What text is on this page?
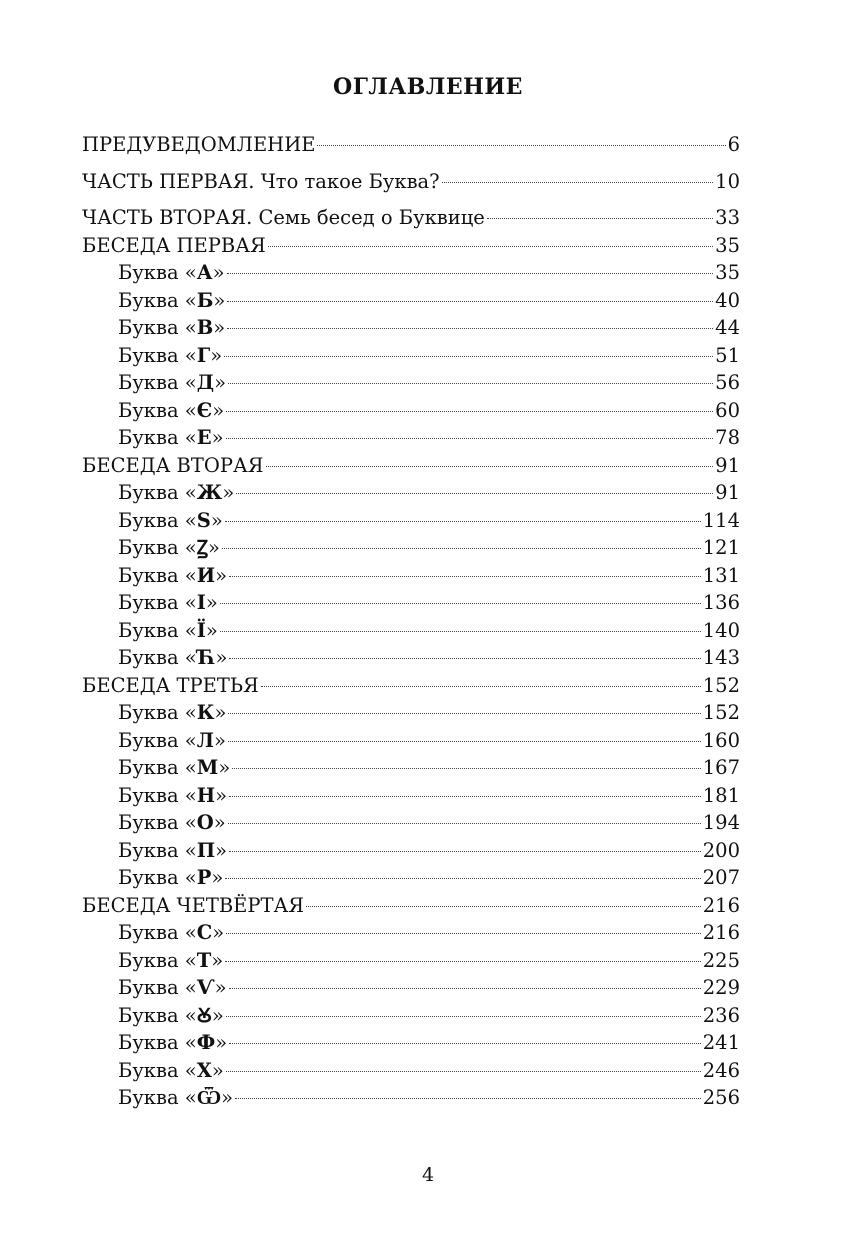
ОГЛАВЛЕНИЕ
ПРЕДУВЕДОМЛЕНИЕ	6
ЧАСТЬ ПЕРВАЯ. Что такое Буква?	10
ЧАСТЬ ВТОРАЯ. Семь бесед о Буквице	33
БЕСЕДА ПЕРВАЯ	35
Буква «А»	35
Буква «Б»	40
Буква «В»	44
Буква «Г»	51
Буква «Д»	56
Буква «Є»	60
Буква «Е»	78
БЕСЕДА ВТОРАЯ	91
Буква «Ж»	91
Буква «Ѕ»	114
Буква «Ꙁ»	121
Буква «И»	131
Буква «І»	136
Буква «Ї»	140
Буква «Ћ»	143
БЕСЕДА ТРЕТЬЯ	152
Буква «К»	152
Буква «Л»	160
Буква «М»	167
Буква «Н»	181
Буква «О»	194
Буква «П»	200
Буква «Р»	207
БЕСЕДА ЧЕТВЁРТАЯ	216
Буква «С»	216
Буква «Т»	225
Буква «Ѵ»	229
Буква «Ꙋ»	236
Буква «Ф»	241
Буква «Х»	246
Буква «Ѿ»	256
4
